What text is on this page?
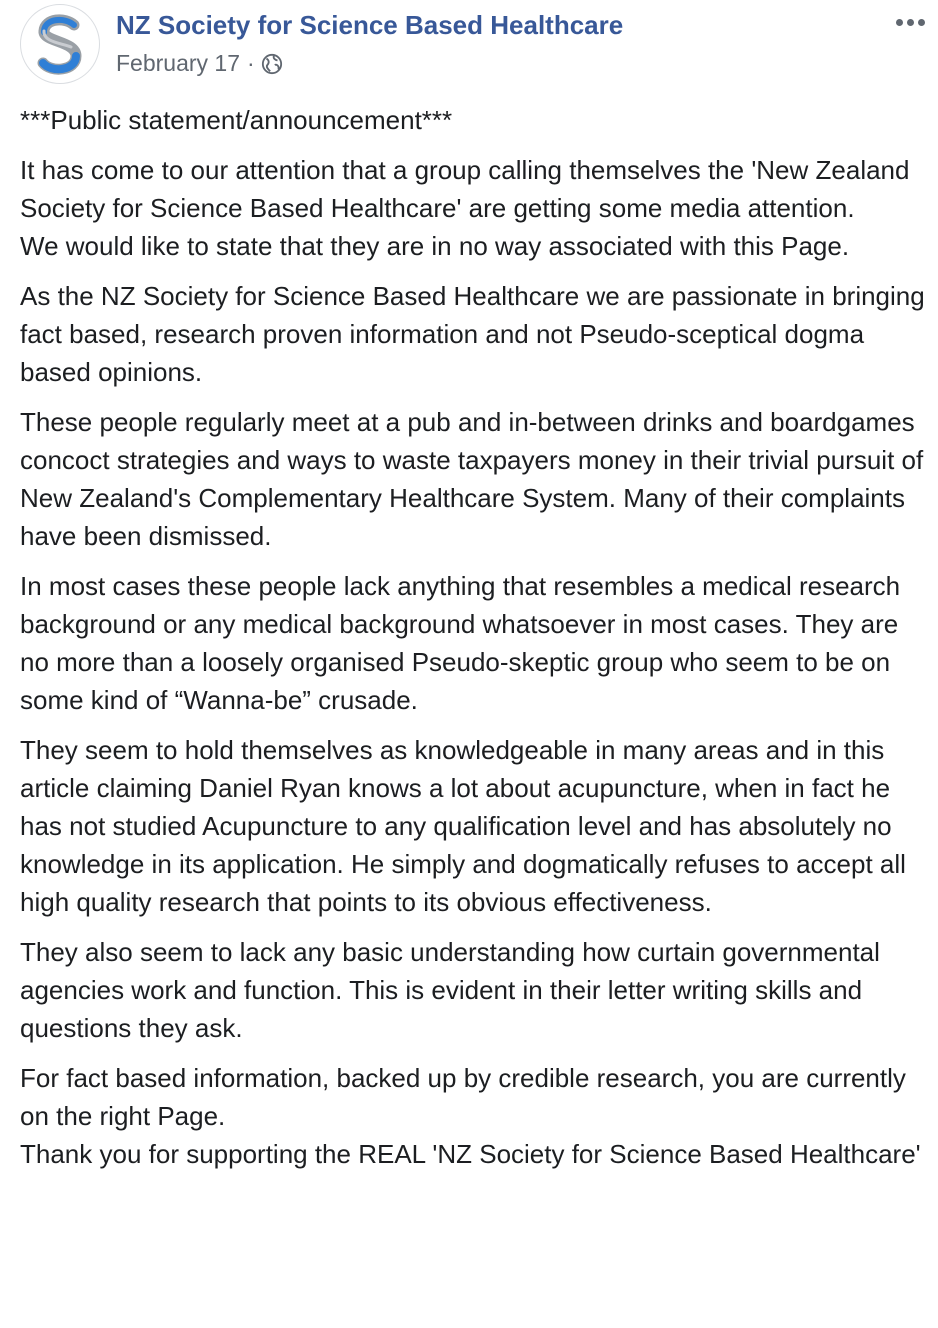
NZ Society for Science Based Healthcare
February 17 ·

***Public statement/announcement***

It has come to our attention that a group calling themselves the 'New Zealand Society for Science Based Healthcare' are getting some media attention.
We would like to state that they are in no way associated with this Page.

As the NZ Society for Science Based Healthcare we are passionate in bringing fact based, research proven information and not Pseudo-sceptical dogma based opinions.

These people regularly meet at a pub and in-between drinks and boardgames concoct strategies and ways to waste taxpayers money in their trivial pursuit of New Zealand's Complementary Healthcare System. Many of their complaints have been dismissed.

In most cases these people lack anything that resembles a medical research background or any medical background whatsoever in most cases. They are no more than a loosely organised Pseudo-skeptic group who seem to be on some kind of “Wanna-be” crusade.

They seem to hold themselves as knowledgeable in many areas and in this article claiming Daniel Ryan knows a lot about acupuncture, when in fact he has not studied Acupuncture to any qualification level and has absolutely no knowledge in its application. He simply and dogmatically refuses to accept all high quality research that points to its obvious effectiveness.

They also seem to lack any basic understanding how curtain governmental agencies work and function. This is evident in their letter writing skills and questions they ask.

For fact based information, backed up by credible research, you are currently on the right Page.
Thank you for supporting the REAL 'NZ Society for Science Based Healthcare'
